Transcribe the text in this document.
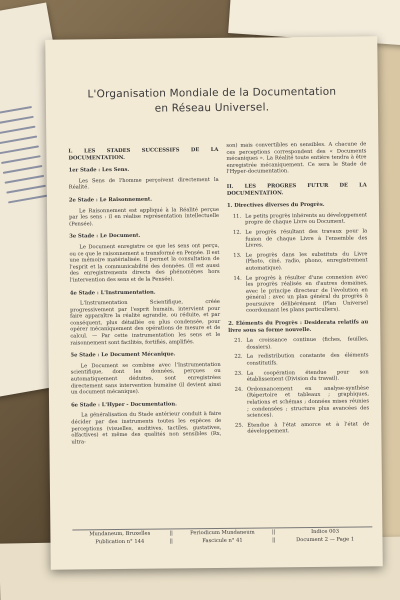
L'Organisation Mondiale de la Documentation
en Réseau Universel.

I. LES STADES SUCCESSIFS DE LA DOCUMENTATION.

1er Stade : Les Sens.

Les Sens de l'homme perçoivent directement la Réalité.

2e Stade : Le Raisonnement.

Le Raisonnement est appliqué à la Réalité perçue par les sens : il en réalise représentation intellectuelle (Pensée).

3e Stade : Le Document.

Le Document enregistre ce que les sens ont perçu, ou ce que le raisonnement a transformé en Pensée. Il est une mémoire matérialisée. Il permet la consultation de l'esprit et la communicabilité des données. (Il est aussi des enregistrements directs des phénomènes hors l'intervention des sens et de la Pensée).

4e Stade : L'Instrumentation.

L'Instrumentation Scientifique, créée progressivement par l'esprit humain, intervient pour faire apparaître la réalité agrandie, ou réduite, et par conséquent, plus détaillée ou plus condensée, pour opérer mécaniquement des opérations de mesure et de calcul. — Par cette instrumentation les sens et le raisonnement sont facilités, fortifiés, amplifiés.

5e Stade : Le Document Mécanique.

Le Document se combine avec l'Instrumentation scientifique, dont les données, perçues ou automatiquement déduites, sont enregistrées directement sans intervention humaine (il devient ainsi un document mécanique).

6e Stade : L'Hyper - Documentation.

La généralisation du Stade antérieur conduit à faire décider par des instruments toutes les espèces de perceptions (visuelles, auditives, tactiles, gustatives, olfactives) et même des qualités non sensibles (Rx, ultra-

son) mais convertibles en sensibles. A chacune de ces perceptions correspondent des « Documents mécaniques ». La Réalité toute entière tendra à être enregistrée mécaniquement. Ce sera le Stade de l'Hyper-documentation.

II. LES PROGRES FUTUR DE LA DOCUMENTATION.

1. Directives diverses du Progrès.

11. Le petits progrès inhérents au développement propre de chaque Livre ou Document.
12. Le progrès résultant des travaux pour la fusion de chaque Livre à l'ensemble des Livres.
13. Le progrès dans les substituts du Livre (Photo, ciné, radio, phono, enregistrement automatique).
14. Le progrès à résulter d'une connexion avec les progrès réalisés en d'autres domaines, avec le principe directeur de l'évolution en général ; avec un plan général du progrès à poursuivre délibérément (Plan Universel coordonnant les plans particuliers).

2. Eléments du Progrès : Desiderata relatifs au livre sous sa forme nouvelle.

21. La croissance continue (fiches, feuilles, dossiers).
22. La redistribution constante des éléments constitutifs.
23. La coopération étendue pour son établissement (Division du travail).
24. Ordonnancement en analyse-synthèse (Répertoire et tableaux ; graphiques, relations et schémas ; données mises réunies ; condensées ; structure plus avancées des sciences).
25. Etendue à l'état amorce et à l'état de développement.
Mundaneum, Bruxelles	||	Periodicum Mundaneum	||	Indice 003
Publication n° 144	||	Fascicule n° 41	||	Document 2 — Page 1
